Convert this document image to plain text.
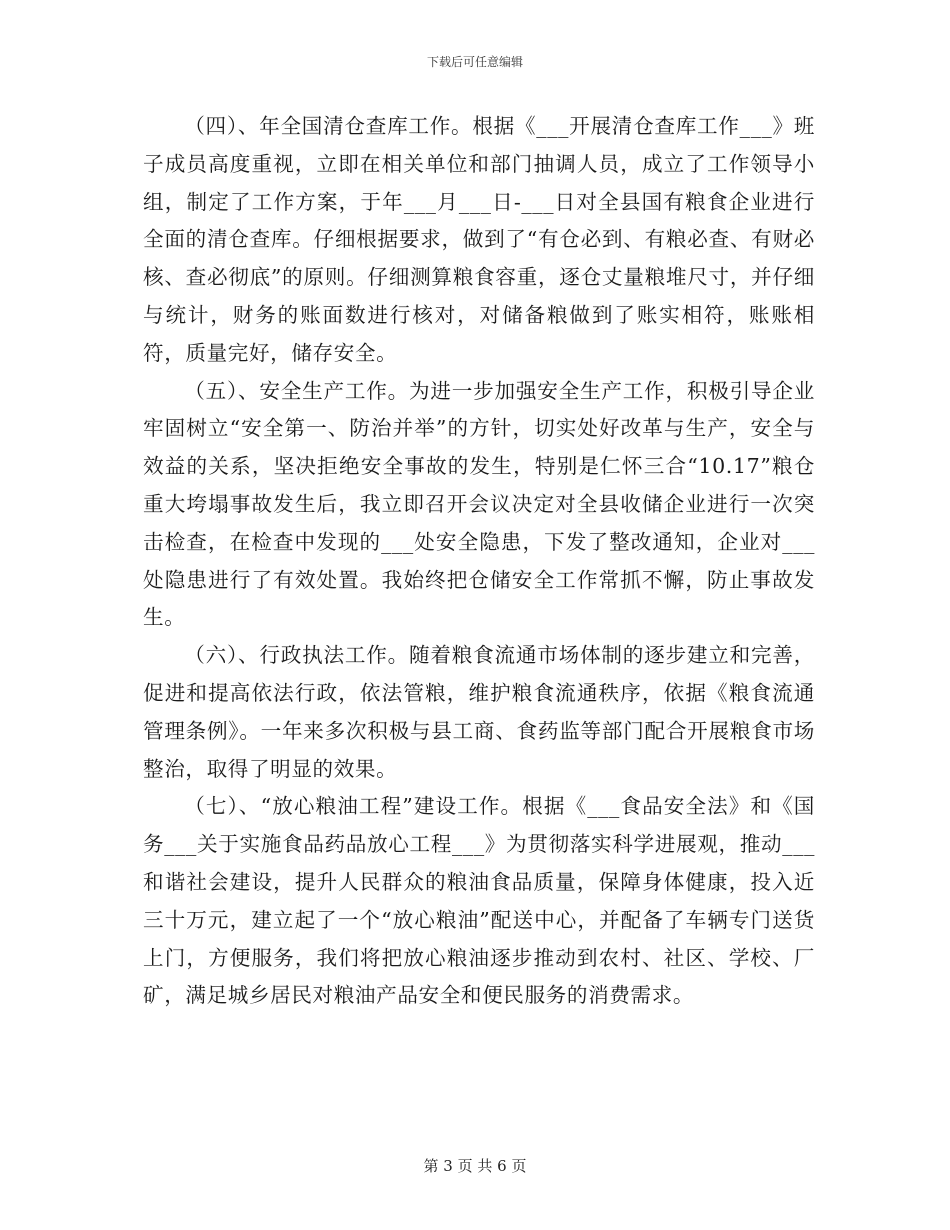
下载后可任意编辑

（四）、年全国清仓查库工作。根据《___开展清仓查库工作___》班子成员高度重视，立即在相关单位和部门抽调人员，成立了工作领导小组，制定了工作方案，于年___月___日-___日对全县国有粮食企业进行全面的清仓查库。仔细根据要求，做到了“有仓必到、有粮必查、有财必核、查必彻底”的原则。仔细测算粮食容重，逐仓丈量粮堆尺寸，并仔细与统计，财务的账面数进行核对，对储备粮做到了账实相符，账账相符，质量完好，储存安全。

（五）、安全生产工作。为进一步加强安全生产工作，积极引导企业牢固树立“安全第一、防治并举”的方针，切实处好改革与生产，安全与效益的关系，坚决拒绝安全事故的发生，特别是仁怀三合“10.17”粮仓重大垮塌事故发生后，我立即召开会议决定对全县收储企业进行一次突击检查，在检查中发现的___处安全隐患，下发了整改通知，企业对___处隐患进行了有效处置。我始终把仓储安全工作常抓不懈，防止事故发生。

（六）、行政执法工作。随着粮食流通市场体制的逐步建立和完善，促进和提高依法行政，依法管粮，维护粮食流通秩序，依据《粮食流通管理条例》。一年来多次积极与县工商、食药监等部门配合开展粮食市场整治，取得了明显的效果。

（七）、“放心粮油工程”建设工作。根据《___食品安全法》和《国务___关于实施食品药品放心工程___》为贯彻落实科学进展观，推动___和谐社会建设，提升人民群众的粮油食品质量，保障身体健康，投入近三十万元，建立起了一个“放心粮油”配送中心，并配备了车辆专门送货上门，方便服务，我们将把放心粮油逐步推动到农村、社区、学校、厂矿，满足城乡居民对粮油产品安全和便民服务的消费需求。

第 3 页 共 6 页
